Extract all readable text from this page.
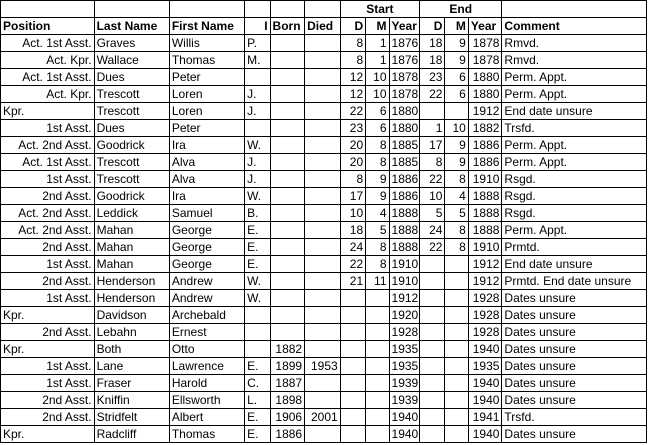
						Start			End			
Position	Last Name	First Name	I	Born	Died	D	M	Year	D	M	Year	Comment
Act. 1st Asst.	Graves	Willis	P.			8	1	1876	18	9	1878	Rmvd.
Act. Kpr.	Wallace	Thomas	M.			8	1	1876	18	9	1878	Rmvd.
Act. 1st Asst.	Dues	Peter				12	10	1878	23	6	1880	Perm. Appt.
Act. Kpr.	Trescott	Loren	J.			12	10	1878	22	6	1880	Perm. Appt.
Kpr.	Trescott	Loren	J.			22	6	1880			1912	End date unsure
1st Asst.	Dues	Peter				23	6	1880	1	10	1882	Trsfd.
Act. 2nd Asst.	Goodrick	Ira	W.			20	8	1885	17	9	1886	Perm. Appt.
Act. 1st Asst.	Trescott	Alva	J.			20	8	1885	8	9	1886	Perm. Appt.
1st Asst.	Trescott	Alva	J.			8	9	1886	22	8	1910	Rsgd.
2nd Asst.	Goodrick	Ira	W.			17	9	1886	10	4	1888	Rsgd.
Act. 2nd Asst.	Leddick	Samuel	B.			10	4	1888	5	5	1888	Rsgd.
Act. 2nd Asst.	Mahan	George	E.			18	5	1888	24	8	1888	Perm. Appt.
2nd Asst.	Mahan	George	E.			24	8	1888	22	8	1910	Prmtd.
1st Asst.	Mahan	George	E.			22	8	1910			1912	End date unsure
2nd Asst.	Henderson	Andrew	W.			21	11	1910			1912	Prmtd. End date unsure
1st Asst.	Henderson	Andrew	W.					1912			1928	Dates unsure
Kpr.	Davidson	Archebald						1920			1928	Dates unsure
2nd Asst.	Lebahn	Ernest						1928			1928	Dates unsure
Kpr.	Both	Otto		1882				1935			1940	Dates unsure
1st Asst.	Lane	Lawrence	E.	1899	1953			1935			1935	Dates unsure
1st Asst.	Fraser	Harold	C.	1887				1939			1940	Dates unsure
2nd Asst.	Kniffin	Ellsworth	L.	1898				1939			1940	Dates unsure
2nd Asst.	Stridfelt	Albert	E.	1906	2001			1940			1941	Trsfd.
Kpr.	Radcliff	Thomas	E.	1886				1940			1940	Dates unsure
